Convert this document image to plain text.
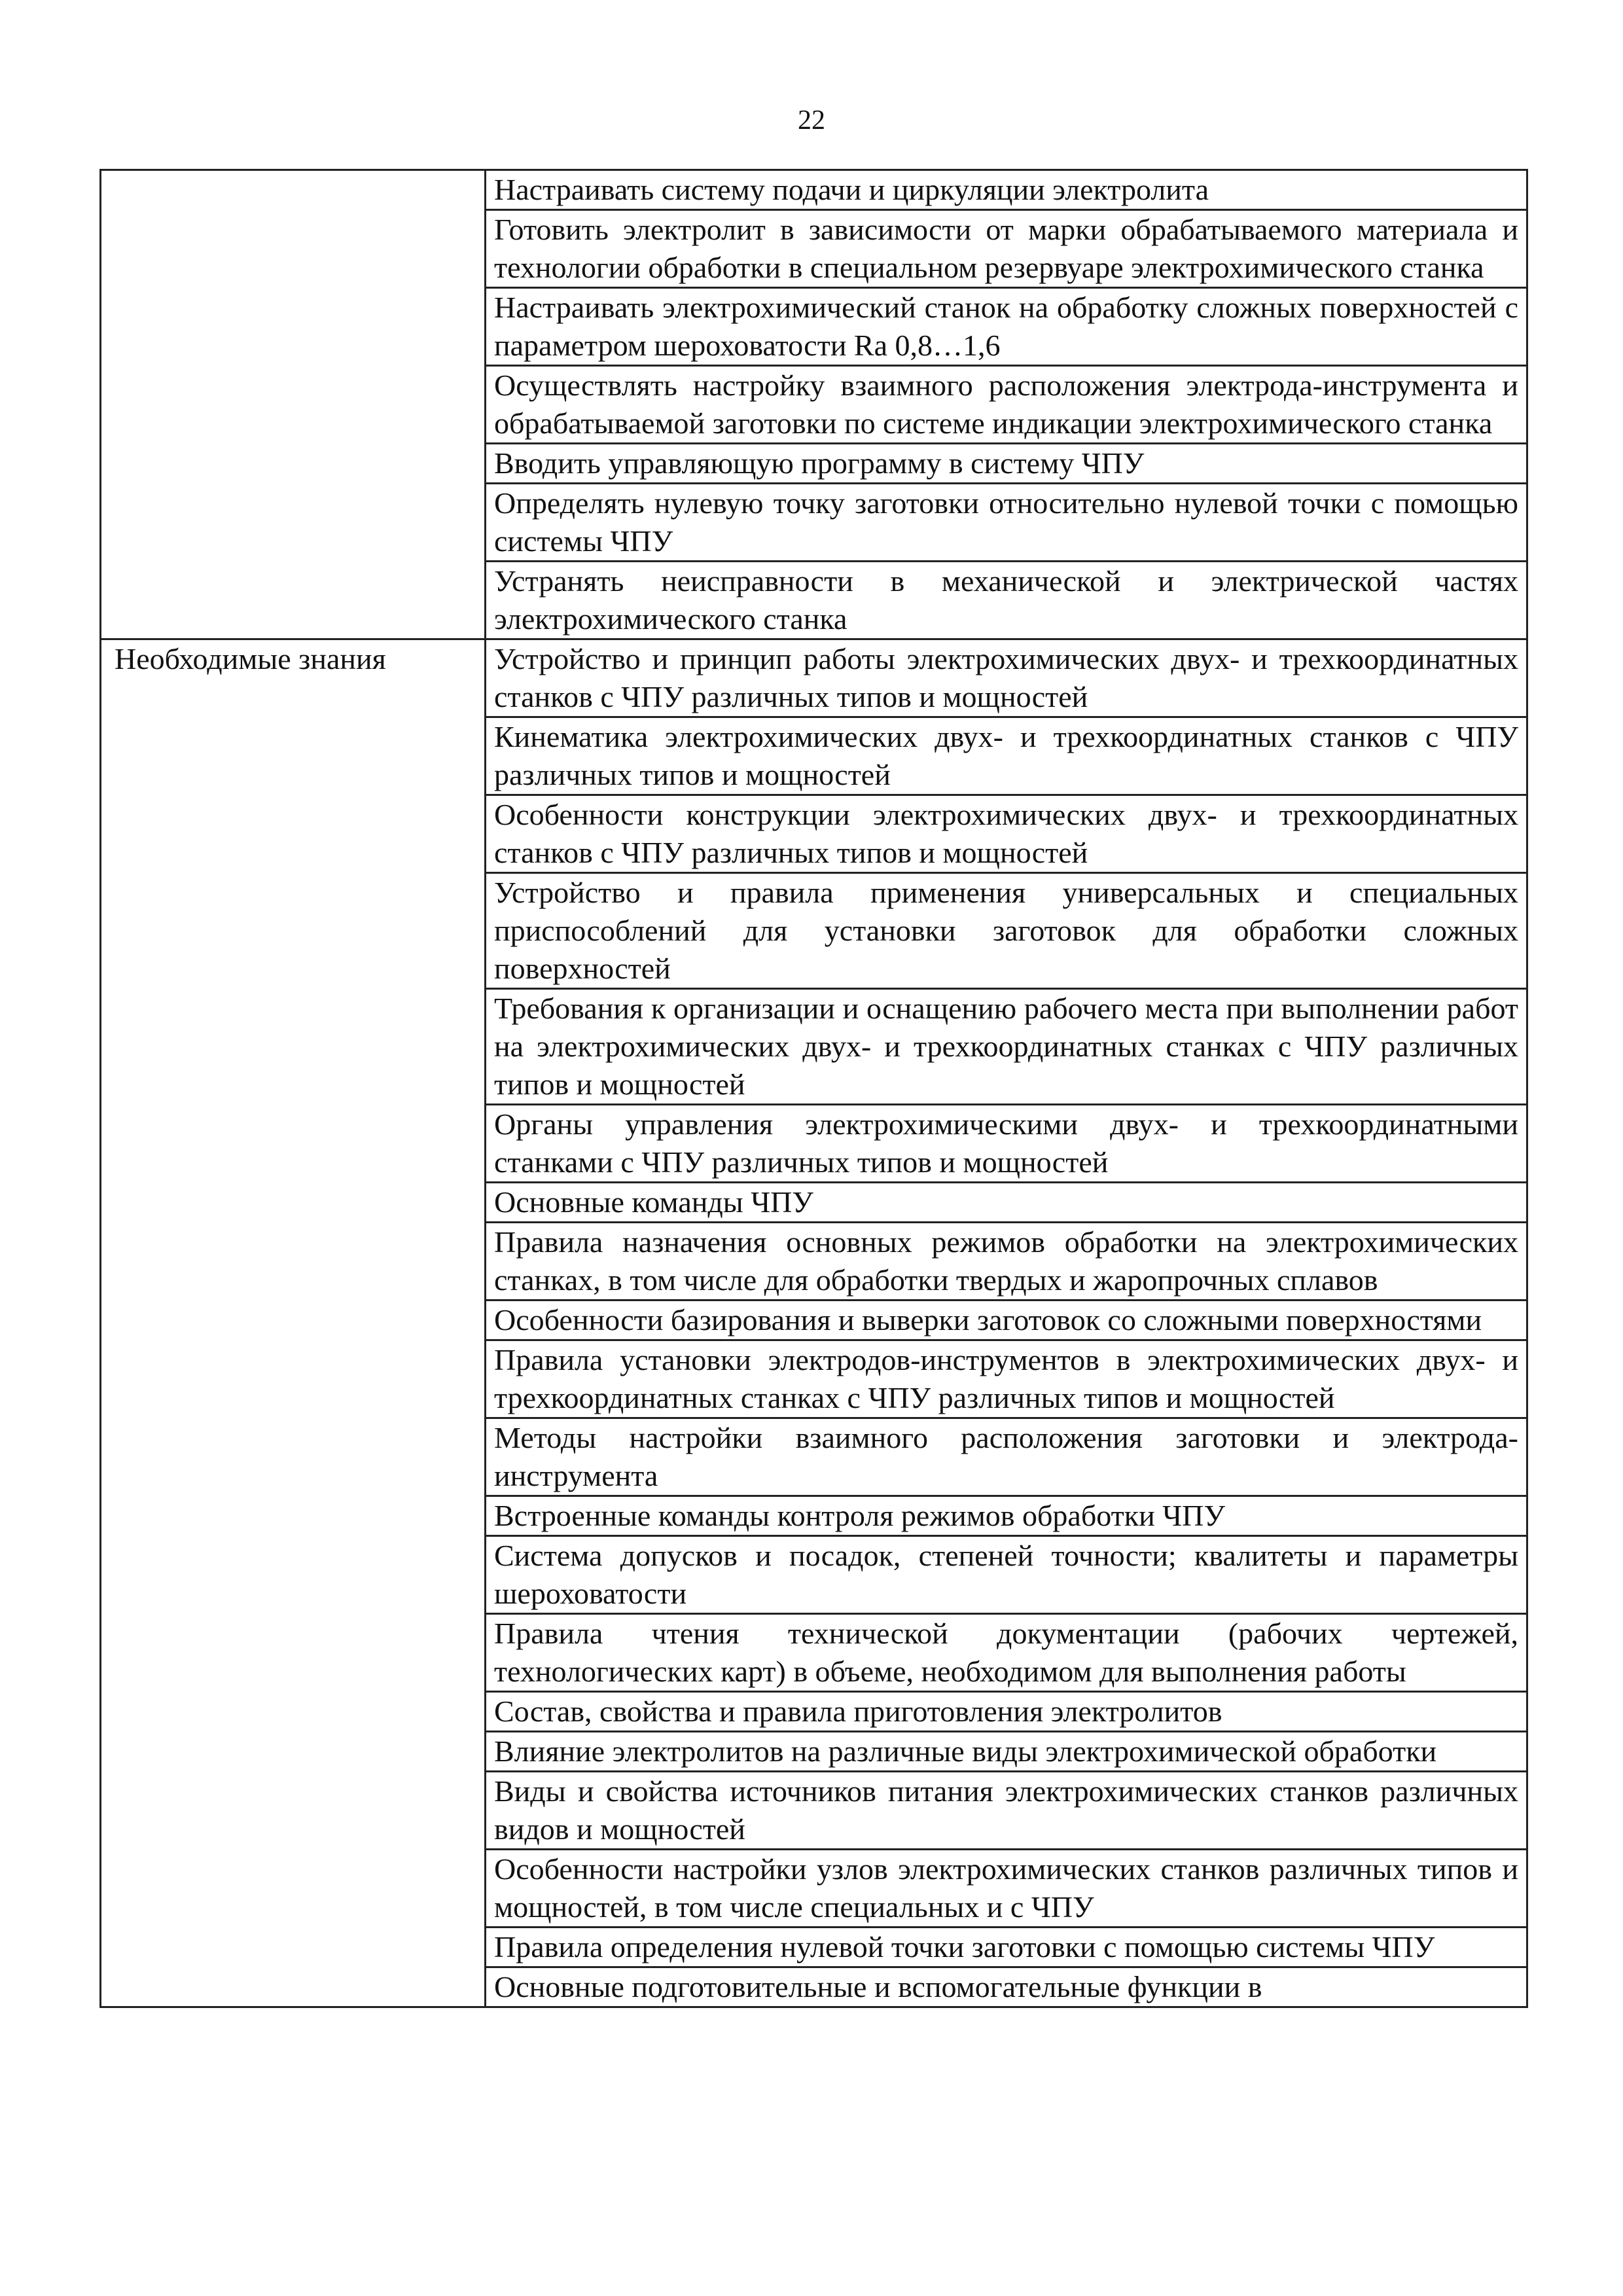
22
	Настраивать систему подачи и циркуляции электролита
	Готовить электролит в зависимости от марки обрабатываемого материала и технологии обработки в специальном резервуаре электрохимического станка
	Настраивать электрохимический станок на обработку сложных поверхностей с параметром шероховатости Ra 0,8…1,6
	Осуществлять настройку взаимного расположения электрода-инструмента и обрабатываемой заготовки по системе индикации электрохимического станка
	Вводить управляющую программу в систему ЧПУ
	Определять нулевую точку заготовки относительно нулевой точки с помощью системы ЧПУ
	Устранять неисправности в механической и электрической частях электрохимического станка
Необходимые знания	Устройство и принцип работы электрохимических двух- и трехкоординатных станков с ЧПУ различных типов и мощностей
	Кинематика электрохимических двух- и трехкоординатных станков с ЧПУ различных типов и мощностей
	Особенности конструкции электрохимических двух- и трехкоординатных станков с ЧПУ различных типов и мощностей
	Устройство и правила применения универсальных и специальных приспособлений для установки заготовок для обработки сложных поверхностей
	Требования к организации и оснащению рабочего места при выполнении работ на электрохимических двух- и трехкоординатных станках с ЧПУ различных типов и мощностей
	Органы управления электрохимическими двух- и трехкоординатными станками с ЧПУ различных типов и мощностей
	Основные команды ЧПУ
	Правила назначения основных режимов обработки на электрохимических станках, в том числе для обработки твердых и жаропрочных сплавов
	Особенности базирования и выверки заготовок со сложными поверхностями
	Правила установки электродов-инструментов в электрохимических двух- и трехкоординатных станках с ЧПУ различных типов и мощностей
	Методы настройки взаимного расположения заготовки и электрода-инструмента
	Встроенные команды контроля режимов обработки ЧПУ
	Система допусков и посадок, степеней точности; квалитеты и параметры шероховатости
	Правила чтения технической документации (рабочих чертежей, технологических карт) в объеме, необходимом для выполнения работы
	Состав, свойства и правила приготовления электролитов
	Влияние электролитов на различные виды электрохимической обработки
	Виды и свойства источников питания электрохимических станков различных видов и мощностей
	Особенности настройки узлов электрохимических станков различных типов и мощностей, в том числе специальных и с ЧПУ
	Правила определения нулевой точки заготовки с помощью системы ЧПУ
	Основные подготовительные и вспомогательные функции в
